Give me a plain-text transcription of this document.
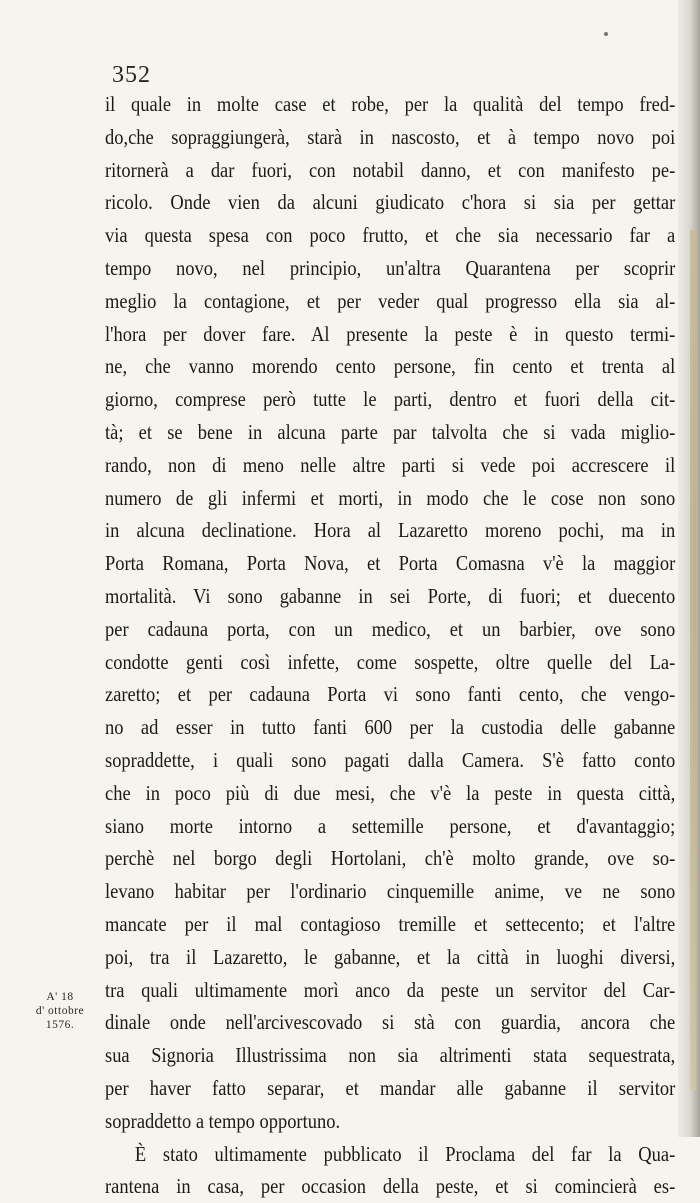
352
il quale in molte case et robe, per la qualità del tempo fred-
do,che sopraggiungerà, starà in nascosto, et à tempo novo poi
ritornerà a dar fuori, con notabil danno, et con manifesto pe-
ricolo. Onde vien da alcuni giudicato c'hora si sia per gettar
via questa spesa con poco frutto, et che sia necessario far a
tempo novo, nel principio, un'altra Quarantena per scoprir
meglio la contagione, et per veder qual progresso ella sia al-
l'hora per dover fare. Al presente la peste è in questo termi-
ne, che vanno morendo cento persone, fin cento et trenta al
giorno, comprese però tutte le parti, dentro et fuori della cit-
tà; et se bene in alcuna parte par talvolta che si vada miglio-
rando, non di meno nelle altre parti si vede poi accrescere il
numero de gli infermi et morti, in modo che le cose non sono
in alcuna declinatione. Hora al Lazaretto moreno pochi, ma in
Porta Romana, Porta Nova, et Porta Comasna v'è la maggior
mortalità. Vi sono gabanne in sei Porte, di fuori; et duecento
per cadauna porta, con un medico, et un barbier, ove sono
condotte genti così infette, come sospette, oltre quelle del La-
zaretto; et per cadauna Porta vi sono fanti cento, che vengo-
no ad esser in tutto fanti 600 per la custodia delle gabanne
sopraddette, i quali sono pagati dalla Camera. S'è fatto conto
che in poco più di due mesi, che v'è la peste in questa città,
siano morte intorno a settemille persone, et d'avantaggio;
perchè nel borgo degli Hortolani, ch'è molto grande, ove so-
levano habitar per l'ordinario cinquemille anime, ve ne sono
mancate per il mal contagioso tremille et settecento; et l'altre
poi, tra il Lazaretto, le gabanne, et la città in luoghi diversi,
tra quali ultimamente morì anco da peste un servitor del Car-
dinale onde nell'arcivescovado si stà con guardia, ancora che
sua Signoria Illustrissima non sia altrimenti stata sequestrata,
per haver fatto separar, et mandar alle gabanne il servitor
sopraddetto a tempo opportuno.
È stato ultimamente pubblicato il Proclama del far la Qua-
rantena in casa, per occasion della peste, et si comincierà es-
A' 18
d' ottobre
1576.
